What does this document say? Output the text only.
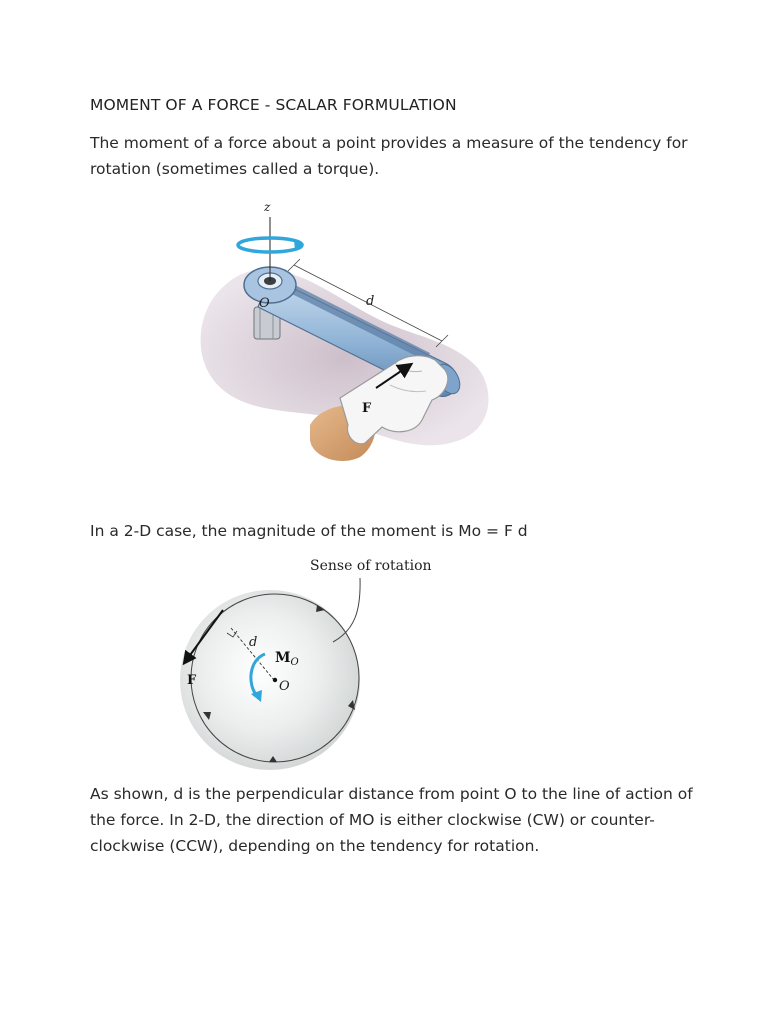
MOMENT OF A FORCE - SCALAR FORMULATION

The moment of a force about a point provides a measure of the tendency for
rotation (sometimes called a torque).

z
O	d
F

In a 2-D case, the magnitude of the moment is Mo = F d

Sense of rotation
d
F
$M_O$
O

As shown, d is the perpendicular distance from point O to the line of action of
the force. In 2-D, the direction of MO is either clockwise (CW) or counter-
clockwise (CCW), depending on the tendency for rotation.
